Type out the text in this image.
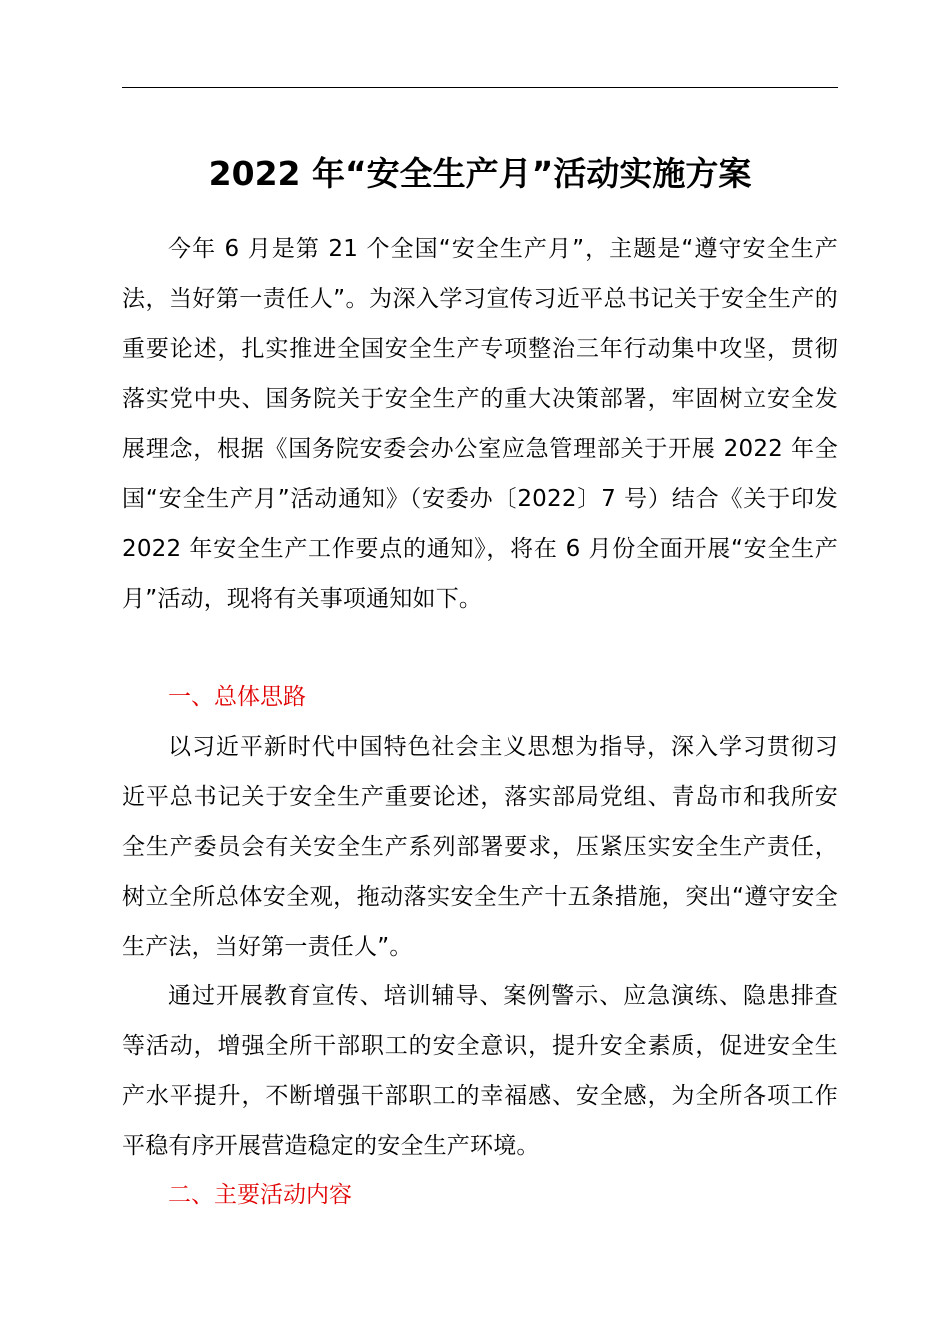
2022 年“安全生产月”活动实施方案

今年 6 月是第 21 个全国“安全生产月”，主题是“遵守安全生产法，当好第一责任人”。为深入学习宣传习近平总书记关于安全生产的重要论述，扎实推进全国安全生产专项整治三年行动集中攻坚，贯彻落实党中央、国务院关于安全生产的重大决策部署，牢固树立安全发展理念，根据《国务院安委会办公室应急管理部关于开展 2022 年全国“安全生产月”活动通知》（安委办〔2022〕7 号）结合《关于印发 2022 年安全生产工作要点的通知》，将在 6 月份全面开展“安全生产月”活动，现将有关事项通知如下。

一、总体思路

以习近平新时代中国特色社会主义思想为指导，深入学习贯彻习近平总书记关于安全生产重要论述，落实部局党组、青岛市和我所安全生产委员会有关安全生产系列部署要求，压紧压实安全生产责任，树立全所总体安全观，拖动落实安全生产十五条措施，突出“遵守安全生产法，当好第一责任人”。

通过开展教育宣传、培训辅导、案例警示、应急演练、隐患排查等活动，增强全所干部职工的安全意识，提升安全素质，促进安全生产水平提升，不断增强干部职工的幸福感、安全感，为全所各项工作平稳有序开展营造稳定的安全生产环境。

二、主要活动内容
